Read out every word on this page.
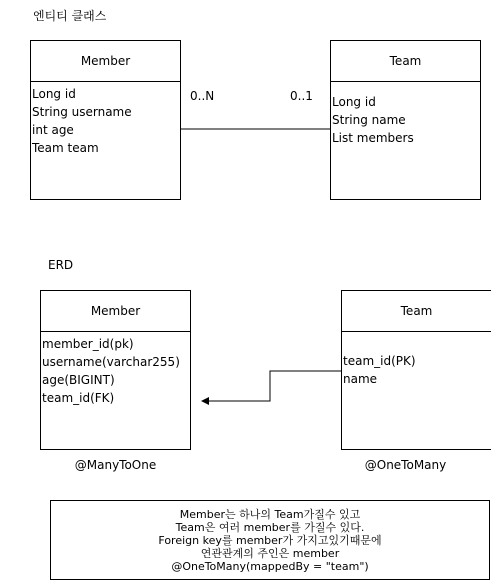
엔티티 클래스
Member
Long id
String username
int age
Team team
0..N	0..1
Team
Long id
String name
List members
ERD
Member
member_id(pk)
username(varchar255)
age(BIGINT)
team_id(FK)
@ManyToOne
Team
team_id(PK)
name
@OneToMany
Member는 하나의 Team가질수 있고
Team은 여러 member를 가질수 있다.
Foreign key를 member가 가지고있기때문에
연관관계의 주인은 member
@OneToMany(mappedBy = "team")
